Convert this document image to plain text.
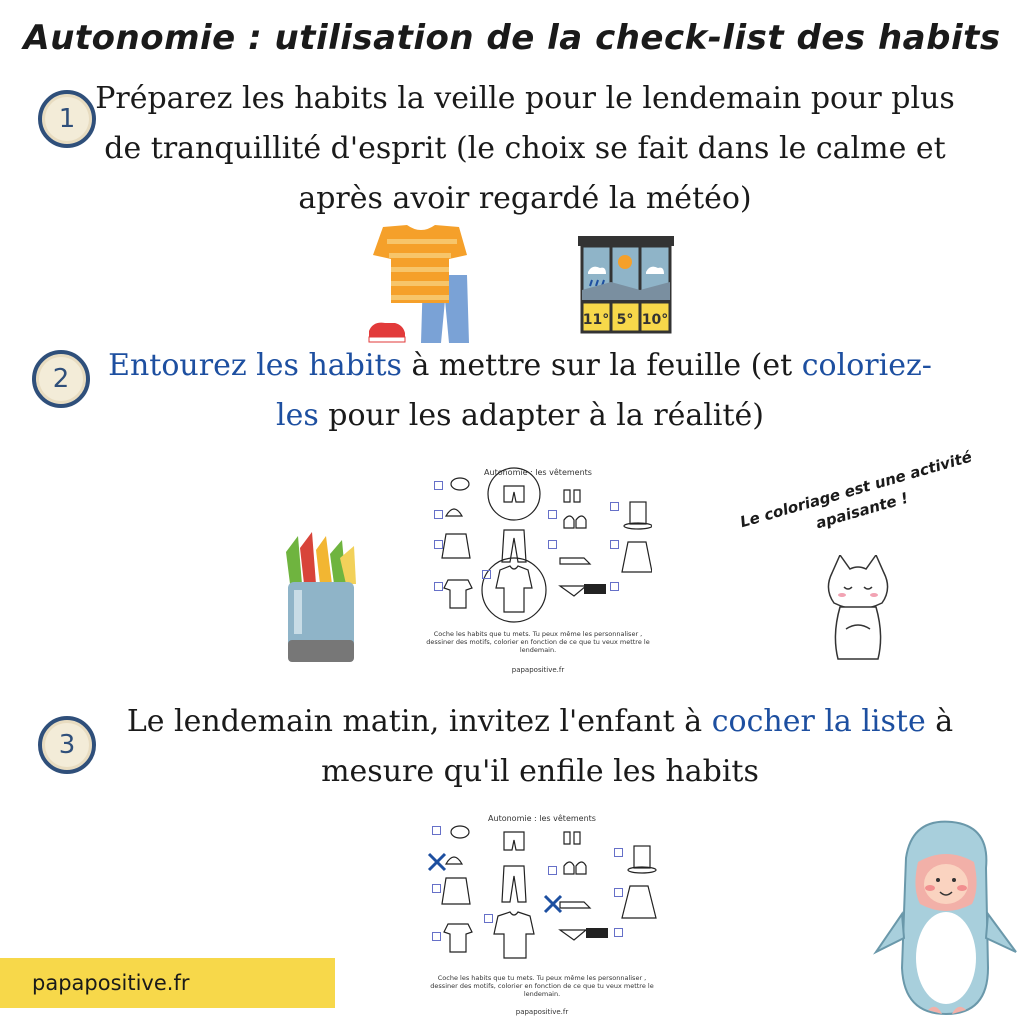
Autonomie : utilisation de la check-list des habits
1
Préparez les habits la veille pour le lendemain pour plus de tranquillité d'esprit (le choix se fait dans le calme et après avoir regardé la météo)
11° 5° 10°
2	Entourez les habits à mettre sur la feuille (et coloriez-les pour les adapter à la réalité)
Autonomie : les vêtements
Coche les habits que tu mets. Tu peux même les personnaliser , dessiner des motifs, colorier en fonction de ce que tu veux mettre le lendemain.
papapositive.fr
Le coloriage est une activité apaisante !
3
Le lendemain matin, invitez l'enfant à cocher la liste à mesure qu'il enfile les habits
Autonomie : les vêtements
Coche les habits que tu mets. Tu peux même les personnaliser , dessiner des motifs, colorier en fonction de ce que tu veux mettre le lendemain.
papapositive.fr
papapositive.fr
